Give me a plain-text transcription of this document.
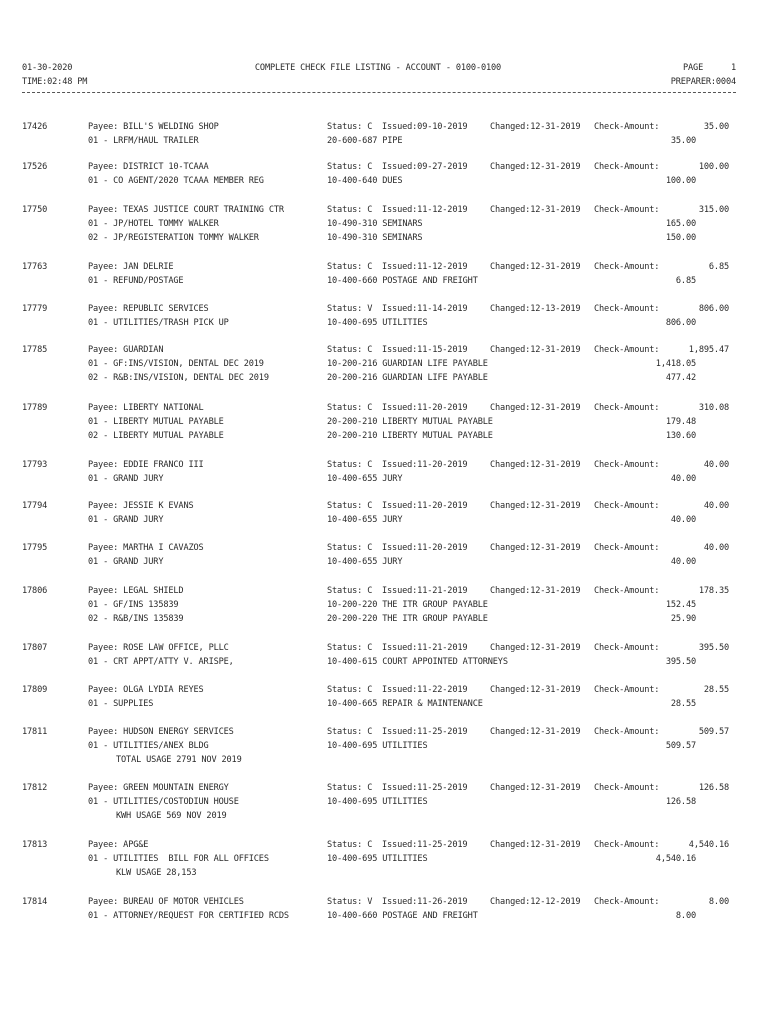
01-30-2020
TIME:02:48 PM
COMPLETE CHECK FILE LISTING - ACCOUNT - 0100-0100	PAGE	1
PREPARER:0004
17426	Payee: BILL'S WELDING SHOP	Status: C Issued:09-10-2019	Changed:12-31-2019 Check-Amount:	35.00
01 - LRFM/HAUL TRAILER	20-600-687 PIPE	35.00
17526	Payee: DISTRICT 10-TCAAA	Status: C Issued:09-27-2019	Changed:12-31-2019 Check-Amount:	100.00
01 - CO AGENT/2020 TCAAA MEMBER REG	10-400-640 DUES	100.00
17750	Payee: TEXAS JUSTICE COURT TRAINING CTR	Status: C Issued:11-12-2019	Changed:12-31-2019 Check-Amount:	315.00
01 - JP/HOTEL TOMMY WALKER	10-490-310 SEMINARS	165.00
02 - JP/REGISTERATION TOMMY WALKER	10-490-310 SEMINARS	150.00
17763	Payee: JAN DELRIE	Status: C Issued:11-12-2019	Changed:12-31-2019 Check-Amount:	6.85
01 - REFUND/POSTAGE	10-400-660 POSTAGE AND FREIGHT	6.85
17779	Payee: REPUBLIC SERVICES	Status: V Issued:11-14-2019	Changed:12-13-2019 Check-Amount:	806.00
01 - UTILITIES/TRASH PICK UP	10-400-695 UTILITIES	806.00
17785	Payee: GUARDIAN	Status: C Issued:11-15-2019	Changed:12-31-2019 Check-Amount:	1,895.47
01 - GF:INS/VISION, DENTAL DEC 2019	10-200-216 GUARDIAN LIFE PAYABLE	1,418.05
02 - R&B:INS/VISION, DENTAL DEC 2019	20-200-216 GUARDIAN LIFE PAYABLE	477.42
17789	Payee: LIBERTY NATIONAL	Status: C Issued:11-20-2019	Changed:12-31-2019 Check-Amount:	310.08
01 - LIBERTY MUTUAL PAYABLE	20-200-210 LIBERTY MUTUAL PAYABLE	179.48
02 - LIBERTY MUTUAL PAYABLE	20-200-210 LIBERTY MUTUAL PAYABLE	130.60
17793	Payee: EDDIE FRANCO III	Status: C Issued:11-20-2019	Changed:12-31-2019 Check-Amount:	40.00
01 - GRAND JURY	10-400-655 JURY	40.00
17794	Payee: JESSIE K EVANS	Status: C Issued:11-20-2019	Changed:12-31-2019 Check-Amount:	40.00
01 - GRAND JURY	10-400-655 JURY	40.00
17795	Payee: MARTHA I CAVAZOS	Status: C Issued:11-20-2019	Changed:12-31-2019 Check-Amount:	40.00
01 - GRAND JURY	10-400-655 JURY	40.00
17806	Payee: LEGAL SHIELD	Status: C Issued:11-21-2019	Changed:12-31-2019 Check-Amount:	178.35
01 - GF/INS 135839	10-200-220 THE ITR GROUP PAYABLE	152.45
02 - R&B/INS 135839	20-200-220 THE ITR GROUP PAYABLE	25.90
17807	Payee: ROSE LAW OFFICE, PLLC	Status: C Issued:11-21-2019	Changed:12-31-2019 Check-Amount:	395.50
01 - CRT APPT/ATTY V. ARISPE,	10-400-615 COURT APPOINTED ATTORNEYS	395.50
17809	Payee: OLGA LYDIA REYES	Status: C Issued:11-22-2019	Changed:12-31-2019 Check-Amount:	28.55
01 - SUPPLIES	10-400-665 REPAIR & MAINTENANCE	28.55
17811	Payee: HUDSON ENERGY SERVICES	Status: C Issued:11-25-2019	Changed:12-31-2019 Check-Amount:	509.57
01 - UTILITIES/ANEX BLDG	10-400-695 UTILITIES	509.57
TOTAL USAGE 2791 NOV 2019
17812	Payee: GREEN MOUNTAIN ENERGY	Status: C Issued:11-25-2019	Changed:12-31-2019 Check-Amount:	126.58
01 - UTILITIES/COSTODIUN HOUSE	10-400-695 UTILITIES	126.58
KWH USAGE 569 NOV 2019
17813	Payee: APG&E	Status: C Issued:11-25-2019	Changed:12-31-2019 Check-Amount:	4,540.16
01 - UTILITIES  BILL FOR ALL OFFICES	10-400-695 UTILITIES	4,540.16
KLW USAGE 28,153
17814	Payee: BUREAU OF MOTOR VEHICLES	Status: V Issued:11-26-2019	Changed:12-12-2019 Check-Amount:	8.00
01 - ATTORNEY/REQUEST FOR CERTIFIED RCDS	10-400-660 POSTAGE AND FREIGHT	8.00
